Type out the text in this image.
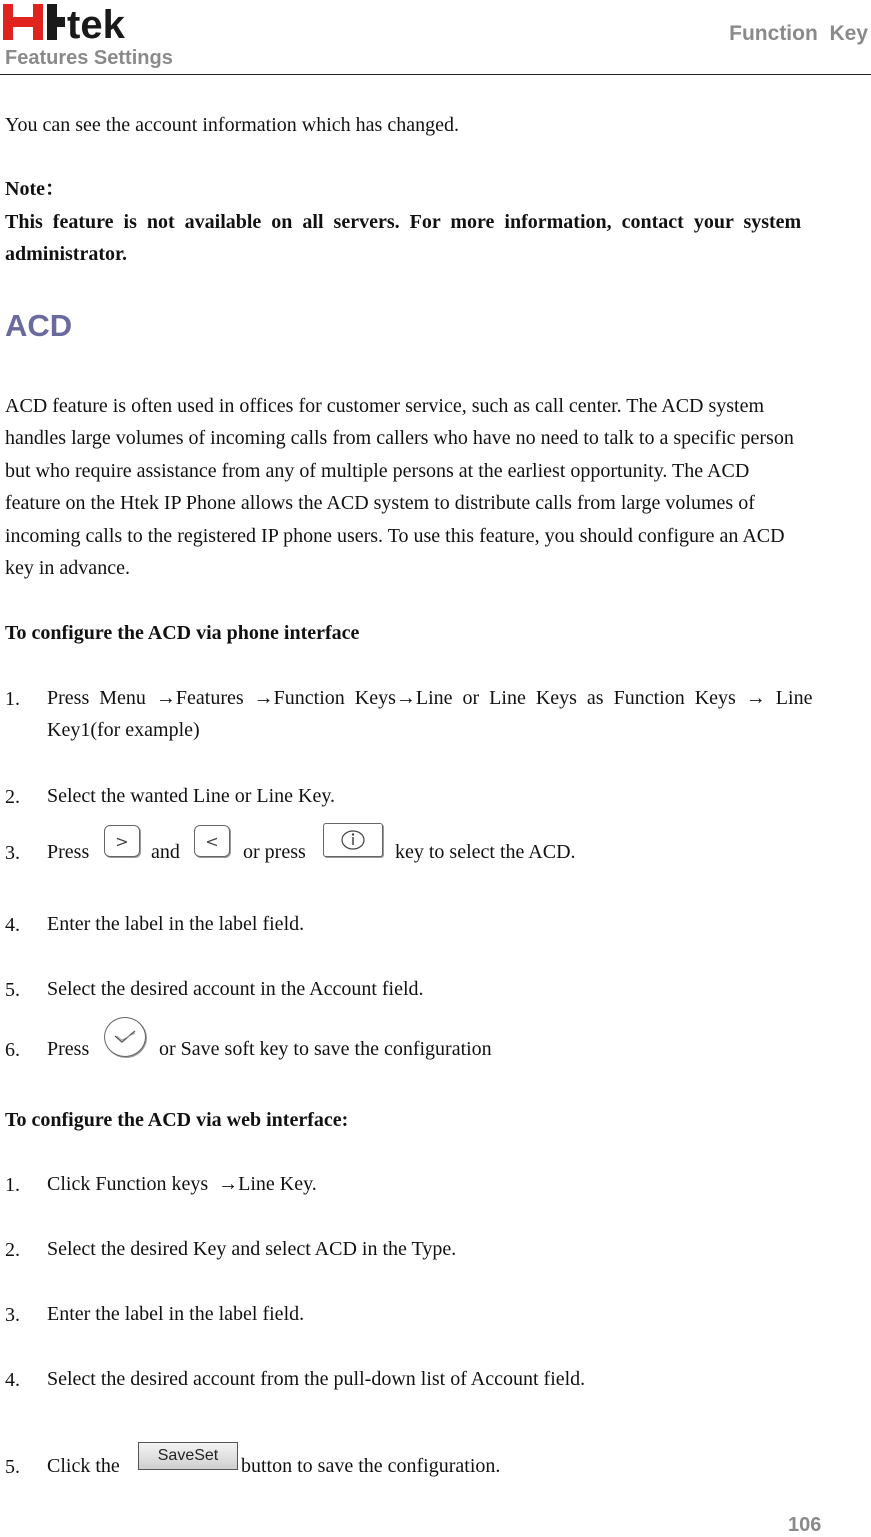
tek
Features Settings
Function  Key
You can see the account information which has changed.
Note：
This  feature  is  not  available  on  all  servers.  For  more  information,  contact  your  system
administrator.
ACD
ACD feature is often used in offices for customer service, such as call center. The ACD system
handles large volumes of incoming calls from callers who have no need to talk to a specific person
but who require assistance from any of multiple persons at the earliest opportunity. The ACD
feature on the Htek IP Phone allows the ACD system to distribute calls from large volumes of
incoming calls to the registered IP phone users. To use this feature, you should configure an ACD
key in advance.
To configure the ACD via phone interface
1. Press  Menu  →Features  →Function  Keys→Line  or  Line  Keys  as  Function  Keys  →  Line
Key1(for example)
2. Select the wanted Line or Line Key.
3. Press > and < or press	key to select the ACD.
4. Enter the label in the label field.
5. Select the desired account in the Account field.
6. Press	or Save soft key to save the configuration
To configure the ACD via web interface:
1. Click Function keys  →Line Key.
2. Select the desired Key and select ACD in the Type.
3. Enter the label in the label field.
4. Select the desired account from the pull-down list of Account field.
5. Click the	SaveSet	button to save the configuration.
106
